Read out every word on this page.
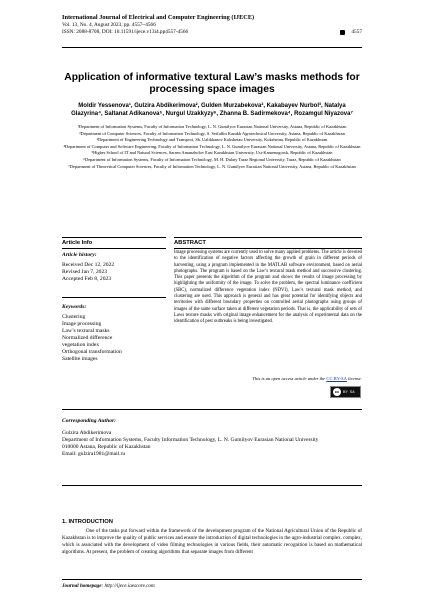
International Journal of Electrical and Computer Engineering (IJECE)
Vol. 13, No. 4, August 2023, pp. 4557~4566
ISSN: 2088-8708, DOI: 10.11591/ijece.v13i4.pp4557-4566	4557
Application of informative textural Law’s masks methods for processing space images
Moldir Yessenova¹, Gulzira Abdikerimova², Gulden Murzabekova², Kakabayev Nurbol³, Natalya Glazyrina⁴, Saltanat Adikanova⁵, Nurgul Uzakkyzy⁶, Zhanna B. Sadirmekova⁴, Rozamgul Niyazova⁷
¹Department of Information Systems, Faculty of Information Technology, L. N. Gumilyov Eurasian National University, Astana, Republic of Kazakhstan
²Department of Computer Sciences, Faculty of Information Technology, S. Seifullin Kazakh Agrotechnical University, Astana, Republic of Kazakhstan
³Department of Engineering Technology and Transport, Sh. Ualikhanov Kokshetau University, Kokshetau, Republic of Kazakhstan
⁴Department of Computer and Software Engineering, Faculty of Information Technology, L. N. Gumilyov Eurasian National University, Astana, Republic of Kazakhstan
⁵Higher School of IT and Natural Sciences, Sarsen Amanzholov East Kazakhstan University, Ust-Kamenogorsk, Republic of Kazakhstan
⁶Department of Information Systems, Faculty of Information Technology, M. H. Dulaty Taraz Regional University, Taraz, Republic of Kazakhstan
⁷Department of Theoretical Computer Sciences, Faculty of Information Technology, L. N. Gumilyov Eurasian National University, Astana, Republic of Kazakhstan
Article Info	ABSTRACT
Article history:
Received Dec 12, 2022
Revised Jan 7, 2023
Accepted Feb 8, 2023
Keywords:
Clustering
Image processing
Law’s textural masks
Normalized difference
vegetation index
Orthogonal transformation
Satellite images
Image processing systems are currently used to solve many applied problems. The article is devoted to the identification of negative factors affecting the growth of grain in different periods of harvesting, using a program implemented in the MATLAB software environment, based on aerial photographs. The program is based on the Law’s textural mask method and successive clustering. This paper presents the algorithm of the program and shows the results of image processing by highlighting the uniformity of the image. To solve the problem, the spectral luminance coefficient (SBC), normalized difference vegetation index (NDVI), Law’s textural mask method, and clustering are used. This approach is general and has great potential for identifying objects and territories with different boundary properties on controlled aerial photographs using groups of images of the same surface taken at different vegetation periods. That is, the applicability of sets of Laws texture masks with original image enhancement for the analysis of experimental data on the identification of pest outbreaks is being investigated.
This is an open access article under the CC BY-SA license.
cc	BY SA
Corresponding Author:
Gulzira Abdikerimova
Department of Information Systems, Faculty Information Technology, L. N. Gumilyov Eurasian National University
010000 Astana, Republic of Kazakhstan
Email: gulzira1981@mail.ru
1. INTRODUCTION
One of the tasks put forward within the framework of the development program of the National Agricultural Union of the Republic of Kazakhstan is to improve the quality of public services and ensure the introduction of digital technologies in the agro-industrial complex. complex, which is associated with the development of video filming technologies in various fields, their automatic recognition is based on mathematical algorithms. At present, the problem of creating algorithms that separate images from different
Journal homepage: http://ijece.iaescore.com
